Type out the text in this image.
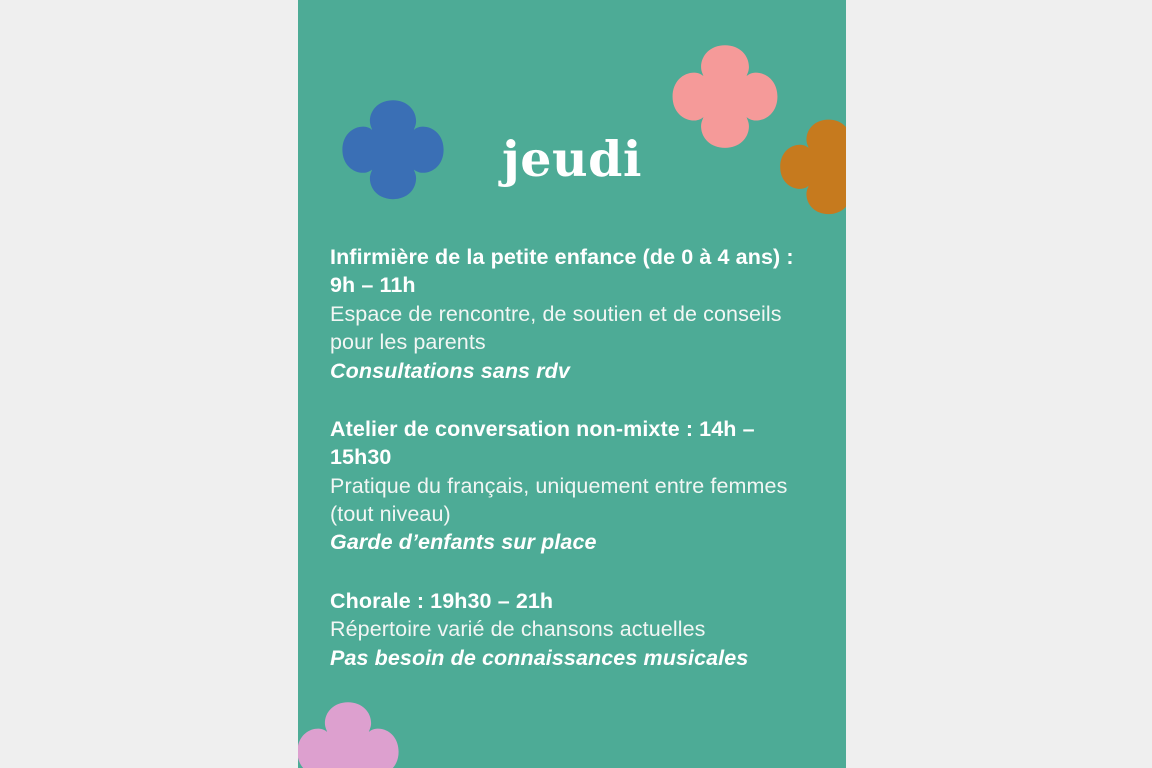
jeudi
Infirmière de la petite enfance (de 0 à 4 ans) : 9h – 11h
Espace de rencontre, de soutien et de conseils pour les parents
Consultations sans rdv
Atelier de conversation non-mixte : 14h – 15h30
Pratique du français, uniquement entre femmes (tout niveau)
Garde d’enfants sur place
Chorale : 19h30 – 21h
Répertoire varié de chansons actuelles
Pas besoin de connaissances musicales
